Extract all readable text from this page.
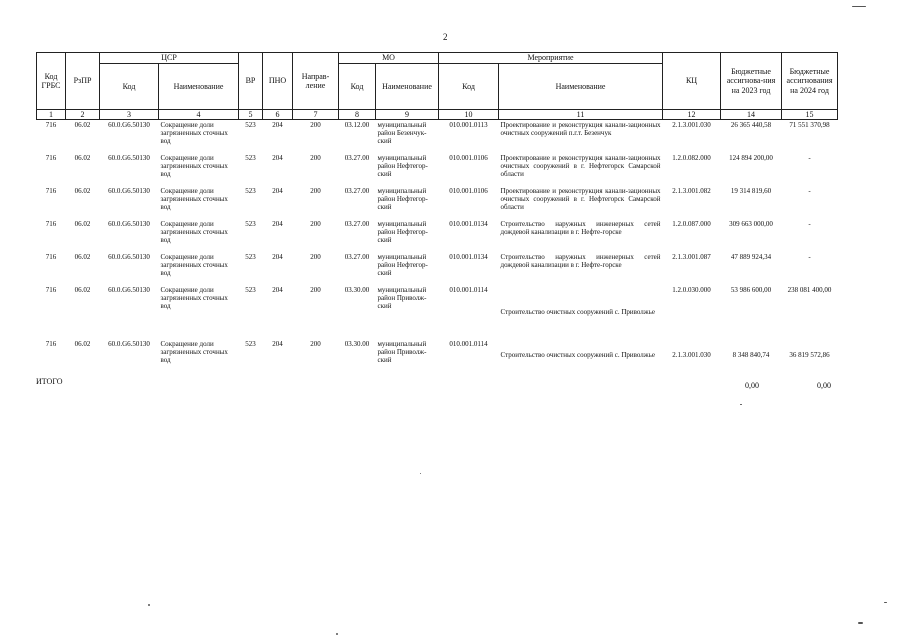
2
Код ГРБС	РзПР	ЦСР		ВР	ПНО	Направ-ление	МО		Мероприятие		КЦ	Бюджетные ассигнова-ния на 2023 год	Бюджетные ассигнования на 2024 год
		Код	Наименование				Код	Наименование	Код	Наименование			
1	2	3	4	5	6	7	8	9	10	11	12	14	15
716	06.02	60.0.G6.50130	Сокращение доли загрязненных сточных вод	523	204	200	03.12.00	муниципальный район Безенчук-ский	010.001.0113	Проектирование и реконструкция канали-зационных очистных сооружений п.г.т. Безенчук	2.1.3.001.030	26 365 440,58	71 551 370,98
716	06.02	60.0.G6.50130	Сокращение доли загрязненных сточных вод	523	204	200	03.27.00	муниципальный район Нефтегор-ский	010.001.0106	Проектирование и реконструкция канали-зационных очистных сооружений в г. Нефтегорск Самарской области	1.2.0.082.000	124 894 200,00	-
716	06.02	60.0.G6.50130	Сокращение доли загрязненных сточных вод	523	204	200	03.27.00	муниципальный район Нефтегор-ский	010.001.0106	Проектирование и реконструкция канали-зационных очистных сооружений в г. Нефтегорск Самарской области	2.1.3.001.082	19 314 819,60	-
716	06.02	60.0.G6.50130	Сокращение доли загрязненных сточных вод	523	204	200	03.27.00	муниципальный район Нефтегор-ский	010.001.0134	Строительство наружных инженерных сетей дождевой канализации в г. Нефте-горске	1.2.0.087.000	309 663 000,00	-
716	06.02	60.0.G6.50130	Сокращение доли загрязненных сточных вод	523	204	200	03.27.00	муниципальный район Нефтегор-ский	010.001.0134	Строительство наружных инженерных сетей дождевой канализации в г. Нефте-горске	2.1.3.001.087	47 889 924,34	-
716	06.02	60.0.G6.50130	Сокращение доли загрязненных сточных вод	523	204	200	03.30.00	муниципальный район Приволж-ский	010.001.0114	Строительство очистных сооружений с. Приволжье	1.2.0.030.000	53 986 600,00	238 081 400,00
716	06.02	60.0.G6.50130	Сокращение доли загрязненных сточных вод	523	204	200	03.30.00	муниципальный район Приволж-ский	010.001.0114	Строительство очистных сооружений с. Приволжье	2.1.3.001.030	8 348 840,74	36 819 572,86
ИТОГО	0,00	0,00
